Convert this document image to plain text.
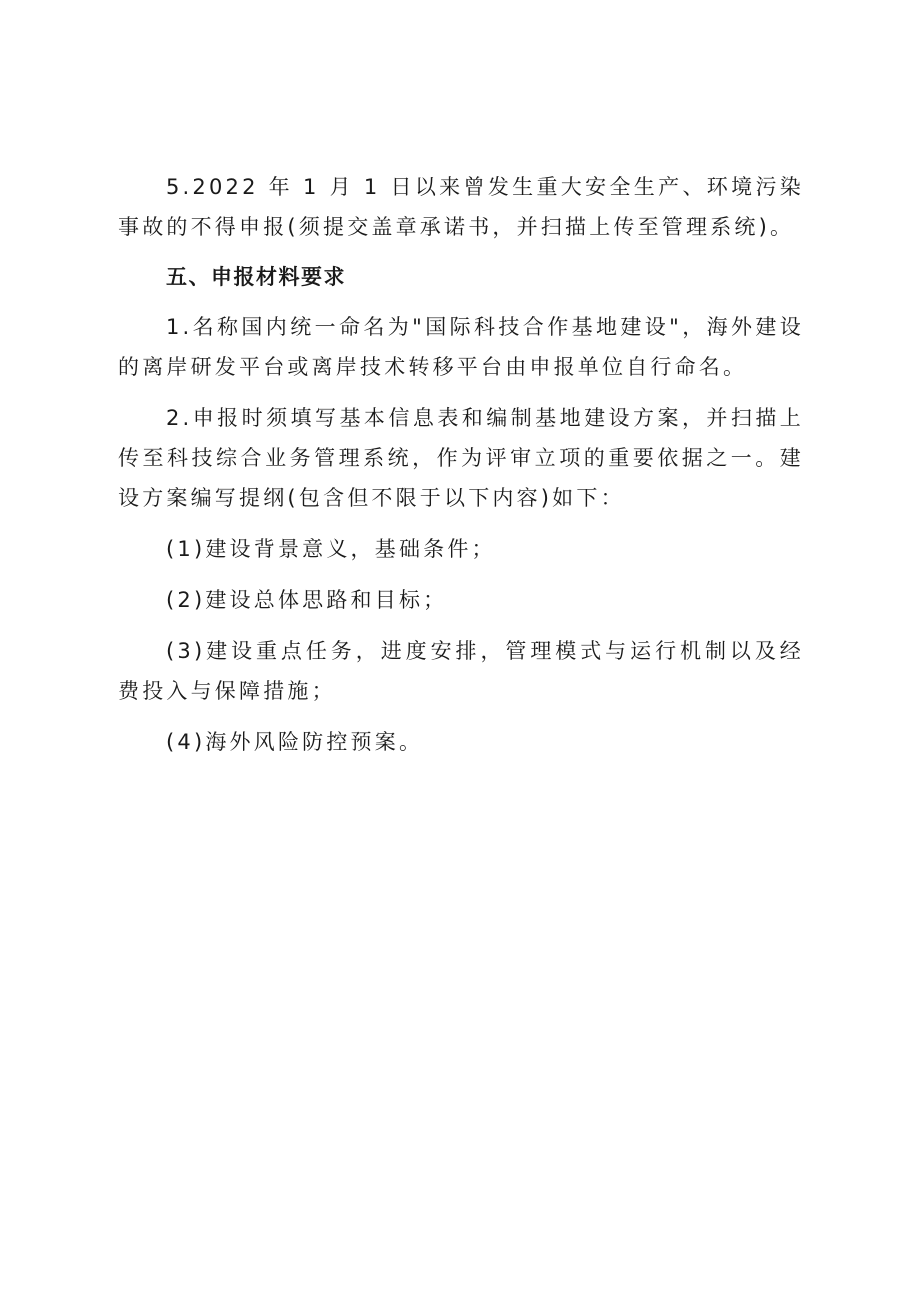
5.2022 年 1 月 1 日以来曾发生重大安全生产、环境污染事故的不得申报(须提交盖章承诺书，并扫描上传至管理系统)。

五、申报材料要求

1.名称国内统一命名为"国际科技合作基地建设"，海外建设的离岸研发平台或离岸技术转移平台由申报单位自行命名。

2.申报时须填写基本信息表和编制基地建设方案，并扫描上传至科技综合业务管理系统，作为评审立项的重要依据之一。建设方案编写提纲(包含但不限于以下内容)如下：

(1)建设背景意义，基础条件；

(2)建设总体思路和目标；

(3)建设重点任务，进度安排，管理模式与运行机制以及经费投入与保障措施；

(4)海外风险防控预案。
